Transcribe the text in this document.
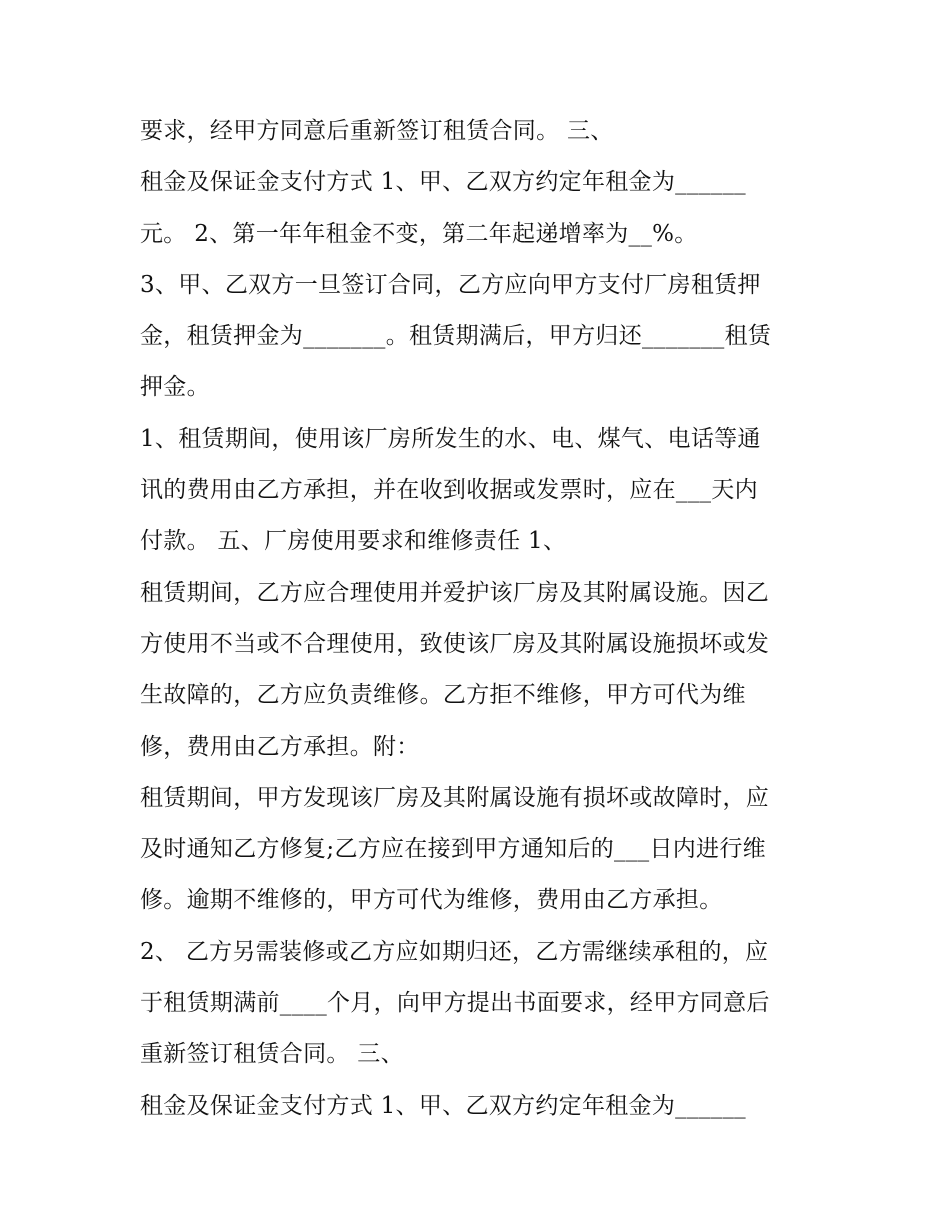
要求，经甲方同意后重新签订租赁合同。 三、
租金及保证金支付方式 1、甲、乙双方约定年租金为______
元。 2、第一年年租金不变，第二年起递增率为__%。
3、甲、乙双方一旦签订合同，乙方应向甲方支付厂房租赁押
金，租赁押金为_______。租赁期满后，甲方归还_______租赁
押金。
1、租赁期间，使用该厂房所发生的水、电、煤气、电话等通
讯的费用由乙方承担，并在收到收据或发票时，应在___天内
付款。 五、厂房使用要求和维修责任 1、
租赁期间，乙方应合理使用并爱护该厂房及其附属设施。因乙
方使用不当或不合理使用，致使该厂房及其附属设施损坏或发
生故障的，乙方应负责维修。乙方拒不维修，甲方可代为维
修，费用由乙方承担。附：
租赁期间，甲方发现该厂房及其附属设施有损坏或故障时，应
及时通知乙方修复;乙方应在接到甲方通知后的___日内进行维
修。逾期不维修的，甲方可代为维修，费用由乙方承担。
2、 乙方另需装修或乙方应如期归还，乙方需继续承租的，应
于租赁期满前____个月，向甲方提出书面要求，经甲方同意后
重新签订租赁合同。 三、
租金及保证金支付方式 1、甲、乙双方约定年租金为______
